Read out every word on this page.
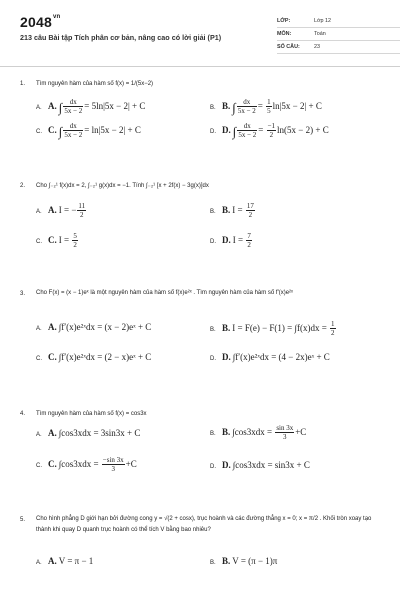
$2048^{vn}$
213 câu Bài tập Tích phân cơ bản, nâng cao có lời giải (P1)
LỚP:	Lớp 12
MÔN:	Toán
SỐ CÂU:	23
1.	Tìm nguyên hàm của hàm số f(x) = 1/(5x−2)
A. A. ∫ $\frac{dx}{5x - 2} = 5\ln|5x - 2| + C$	B. B. ∫ $\frac{dx}{5x - 2} = \frac{1}{5} \ln|5x - 2| + C$
C. C. ∫ $\frac{dx}{5x - 2} = \ln|5x - 2| + C$	D. D. ∫ $\frac{dx}{5x - 2} = \frac{-1}{2} \ln(5x - 2) + C$
2.	Cho ∫₋₂¹ f(x)dx = 2, ∫₋₂¹ g(x)dx = −1. Tính ∫₋₂¹ [x + 2f(x) − 3g(x)]dx
A. A. I = − $\frac{11}{2}$	B. B. $I = \frac{17}{2}$
C. C. $I = \frac{5}{2}$	D. D. $I = \frac{7}{2}$
3.	Cho F(x) = (x − 1)eˣ là một nguyên hàm của hàm số f(x)e²ˣ . Tìm nguyên hàm của hàm số f′(x)e²ˣ
A. A. ∫f′(x)e²ˣdx = (x − 2)eˣ + C	B. B. $I = F(e) - F(1) = \int f(x)dx = \frac{1}{2}$
C. C. ∫f′(x)e²ˣdx = (2 − x)eˣ + C	D. D. ∫f′(x)e²ˣdx = (4 − 2x)eˣ + C
4.	Tìm nguyên hàm của hàm số f(x) = cos3x
A. A. ∫cos3xdx = 3sin3x + C	B. B. $\int\cos 3xdx = \frac{\sin 3x}{3} +C$
C. C. $\int\cos 3xdx = \frac{-\sin 3x}{3} +C$	D. D. ∫cos3xdx = sin3x + C
5.	Cho hình phẳng D giới hạn bởi đường cong y = √(2 + cosx), trục hoành và các đường thẳng x = 0; x = π/2 . Khối tròn xoay tạo thành khi quay D quanh trục hoành có thể tích V bằng bao nhiêu?
A. A. V = π − 1	B. B. V = (π − 1)π
